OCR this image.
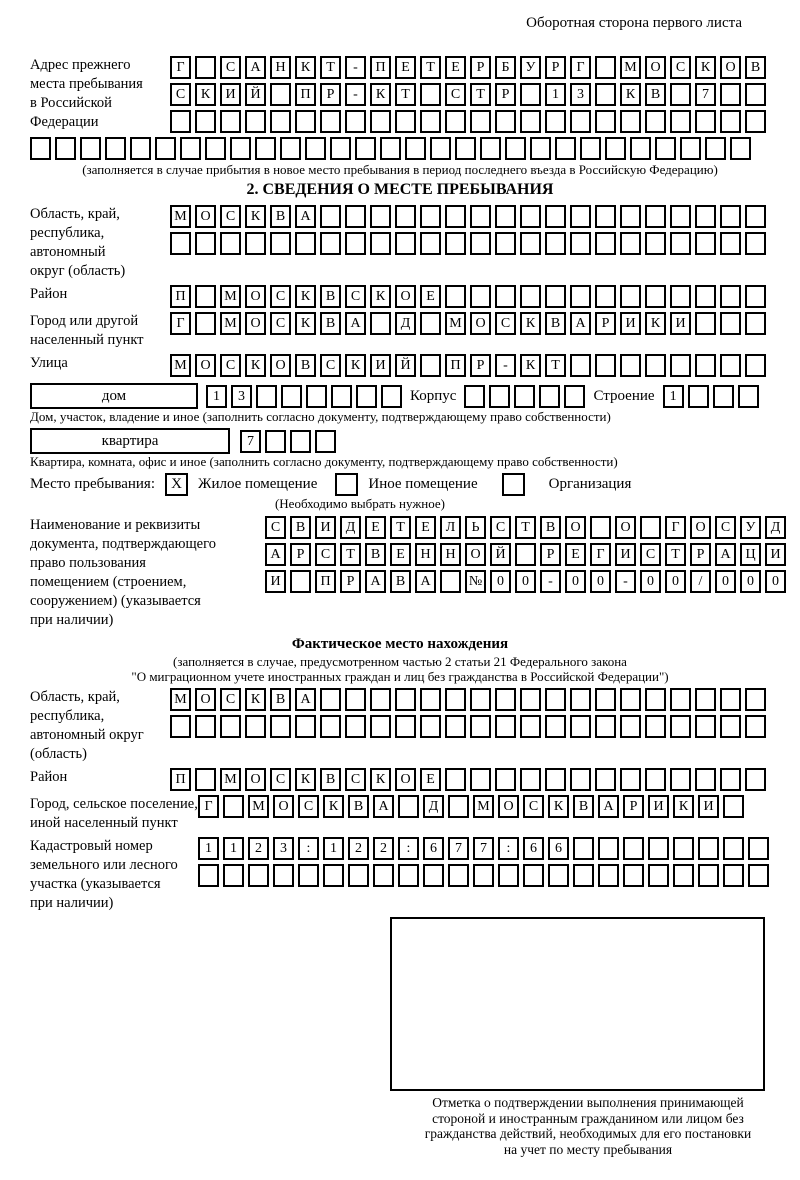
Оборотная сторона первого листа
Адрес прежнего
места пребывания
в Российской
Федерации
Г	С	А	Н	К	Т	-	П	Е	Т	Е	Р	Б	У	Р	Г	М О	С	К	О	В
С	К	И	Й	П	Р	-	К	Т	С	Т	Р	1	3	К	В	7
(заполняется в случае прибытия в новое место пребывания в период последнего въезда в Российскую Федерацию)
2. СВЕДЕНИЯ О МЕСТЕ ПРЕБЫВАНИЯ
Область, край,
республика,
автономный
округ (область)
М О	С	К	В	А
Район	П	М О	С	К	В	С	К	О	Е
Город или другой
населенный пункт
Г	М О	С	К	В	А	Д	М О	С	К	В	А	Р	И	К	И
Улица	М О	С	К	О	В	С	К	И	Й	П	Р	-	К	Т
дом	1	3	Корпус	Строение	1
Дом, участок, владение и иное (заполнить согласно документу, подтверждающему право собственности)
квартира	7
Квартира, комната, офис и иное (заполнить согласно документу, подтверждающему право собственности)
Место пребывания:	X	Жилое помещение	Иное помещение	Организация
(Необходимо выбрать нужное)
Наименование и реквизиты
документа, подтверждающего
право пользования
помещением (строением,
сооружением) (указывается
при наличии)
С	В	И	Д	Е	Т	Е	Л	Ь	С	Т	В	О	О	Г	О	С	У	Д
А	Р	С	Т	В	Е	Н	Н	О	Й	Р	Е	Г	И	С	Т	Р	А	Ц	И
И	П	Р	А	В	А	№	0	0	-	0	0	-	0	0	/	0	0	0
Фактическое место нахождения
(заполняется в случае, предусмотренном частью 2 статьи 21 Федерального закона
"О миграционном учете иностранных граждан и лиц без гражданства в Российской Федерации")
Область, край,
республика,
автономный округ
(область)
М О	С	К	В	А
Район	П	М О	С	К	В	С	К	О	Е
Город, сельское поселение,
иной населенный пункт
Г	М О	С	К	В	А	Д	М О	С	К	В	А	Р	И	К	И
Кадастровый номер
земельного или лесного
участка (указывается
при наличии)
1	1	2	3	:	1	2	2	:	6	7	7	:	6	6
Отметка о подтверждении выполнения принимающей
стороной и иностранным гражданином или лицом без
гражданства действий, необходимых для его постановки
на учет по месту пребывания
